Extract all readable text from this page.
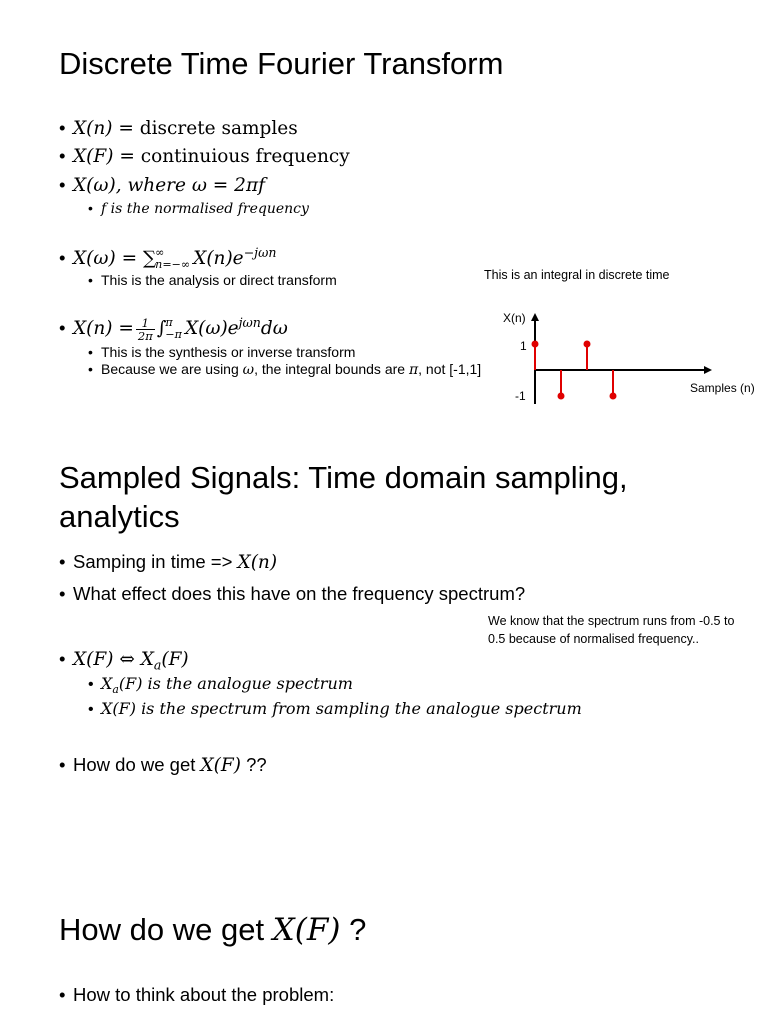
Discrete Time Fourier Transform
• X(n) = discrete samples
• X(F) = continuious frequency
• X(ω), where ω = 2πf
• f is the normalised frequency
• X(ω) = ∑ ∞
n=−∞ $X(n)e^{-j\omega n}$
• This is the analysis or direct transform
• $X(n) = \frac{1}{2\pi}$ ∫ π
−π $X(\omega)e^{j\omega n}d\omega$
• This is the synthesis or inverse transform
• Because we are using ω, the integral bounds are π, not [-1,1]
This is an integral in discrete time
X(n)
1
-1
Samples (n)
Sampled Signals: Time domain sampling,
analytics
• Samping in time => X(n)
• What effect does this have on the frequency spectrum?
We know that the spectrum runs from -0.5 to
0.5 because of normalised frequency..
• X(F) ⇔ $X_a(F)$
• $X_a(F)$ is the analogue spectrum
• X(F) is the spectrum from sampling the analogue spectrum
• How do we get X(F) ??
How do we get X(F) ?
• How to think about the problem:
